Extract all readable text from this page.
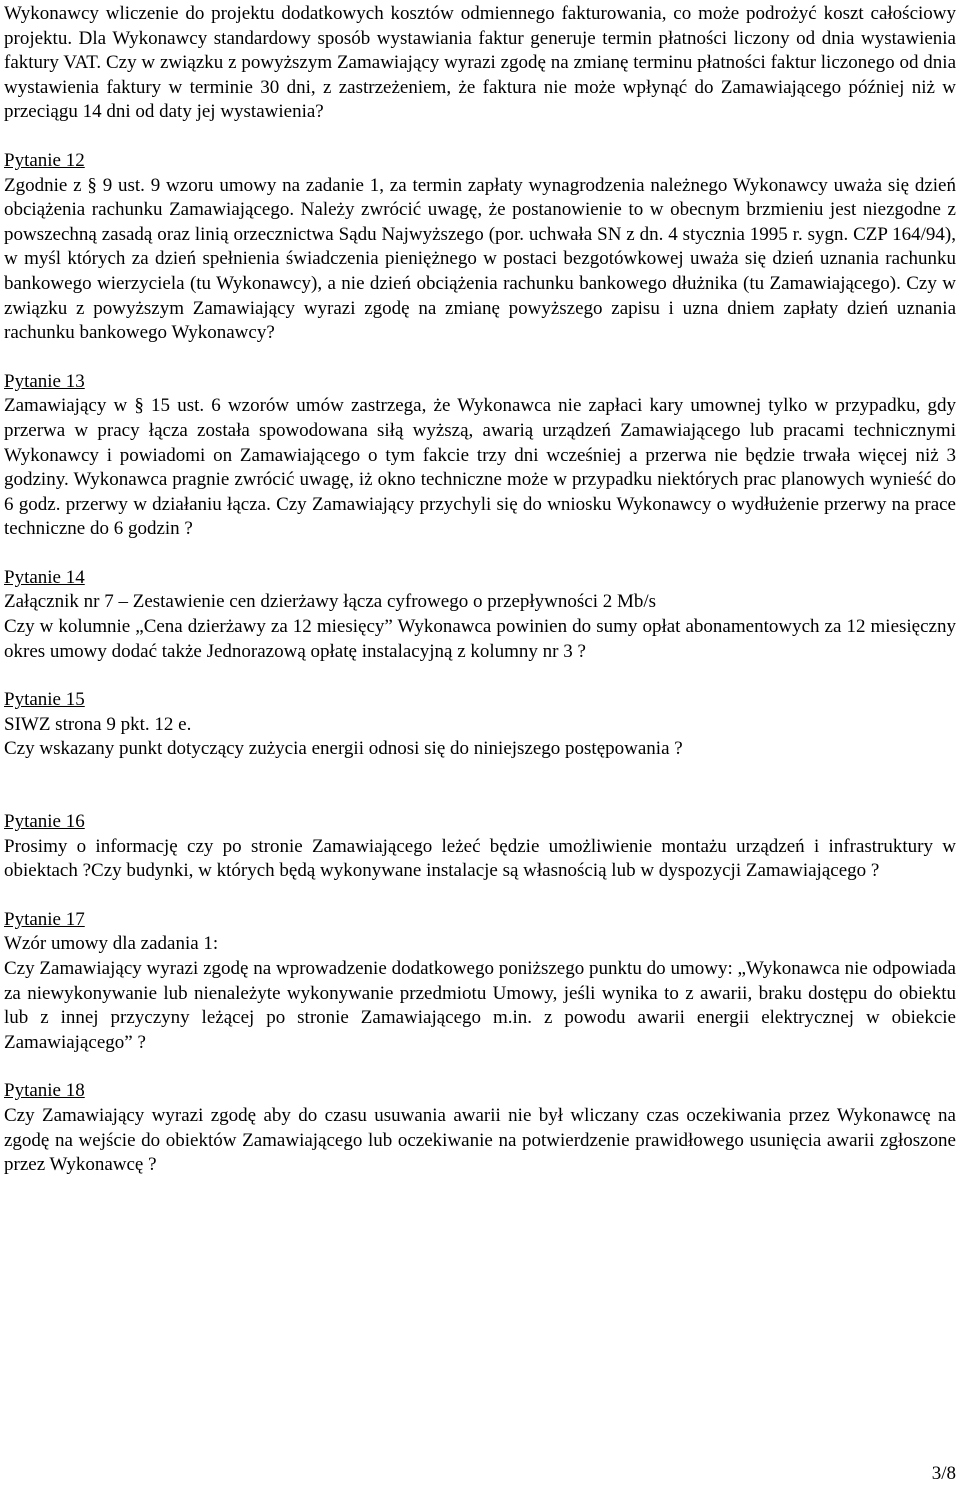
Wykonawcy wliczenie do projektu dodatkowych kosztów odmiennego fakturowania, co może podrożyć koszt całościowy projektu. Dla Wykonawcy standardowy sposób wystawiania faktur generuje termin płatności liczony od dnia wystawienia faktury VAT. Czy w związku z powyższym Zamawiający wyrazi zgodę na zmianę terminu płatności faktur liczonego od dnia wystawienia faktury w terminie 30 dni, z zastrzeżeniem, że faktura nie może wpłynąć do Zamawiającego później niż w przeciągu 14 dni od daty jej wystawienia?

Pytanie 12

Zgodnie z § 9 ust. 9 wzoru umowy na zadanie 1, za termin zapłaty wynagrodzenia należnego Wykonawcy uważa się dzień obciążenia rachunku Zamawiającego. Należy zwrócić uwagę, że postanowienie to w obecnym brzmieniu jest niezgodne z powszechną zasadą oraz linią orzecznictwa Sądu Najwyższego (por. uchwała SN z dn. 4 stycznia 1995 r. sygn. CZP 164/94), w myśl których za dzień spełnienia świadczenia pieniężnego w postaci bezgotówkowej uważa się dzień uznania rachunku bankowego wierzyciela (tu Wykonawcy), a nie dzień obciążenia rachunku bankowego dłużnika (tu Zamawiającego). Czy w związku z powyższym Zamawiający wyrazi zgodę na zmianę powyższego zapisu i uzna dniem zapłaty dzień uznania rachunku bankowego Wykonawcy?

Pytanie 13

Zamawiający w § 15 ust. 6 wzorów umów zastrzega, że Wykonawca nie zapłaci kary umownej tylko w przypadku, gdy przerwa w pracy łącza została spowodowana siłą wyższą, awarią urządzeń Zamawiającego lub pracami technicznymi Wykonawcy i powiadomi on Zamawiającego o tym fakcie trzy dni wcześniej a przerwa nie będzie trwała więcej niż 3 godziny. Wykonawca pragnie zwrócić uwagę, iż okno techniczne może w przypadku niektórych prac planowych wynieść do 6 godz. przerwy w działaniu łącza. Czy Zamawiający przychyli się do wniosku Wykonawcy o wydłużenie przerwy na prace techniczne do 6 godzin ?

Pytanie 14

Załącznik nr 7 – Zestawienie cen dzierżawy łącza cyfrowego o przepływności 2 Mb/s

Czy w kolumnie „Cena dzierżawy za 12 miesięcy” Wykonawca powinien do sumy opłat abonamentowych za 12 miesięczny okres umowy dodać także Jednorazową opłatę instalacyjną z kolumny nr 3 ?

Pytanie 15

SIWZ strona 9 pkt. 12 e.

Czy wskazany punkt dotyczący zużycia energii odnosi się do niniejszego postępowania ?

Pytanie 16

Prosimy o informację czy po stronie Zamawiającego leżeć będzie umożliwienie montażu urządzeń i infrastruktury w obiektach ?Czy budynki, w których będą wykonywane instalacje są własnością lub w dyspozycji Zamawiającego ?

Pytanie 17

Wzór umowy dla zadania 1:

Czy Zamawiający wyrazi zgodę na wprowadzenie dodatkowego poniższego punktu do umowy: „Wykonawca nie odpowiada za niewykonywanie lub nienależyte wykonywanie przedmiotu Umowy, jeśli wynika to z awarii, braku dostępu do obiektu lub z innej przyczyny leżącej po stronie Zamawiającego m.in. z powodu awarii energii elektrycznej w obiekcie Zamawiającego” ?

Pytanie 18

Czy Zamawiający wyrazi zgodę aby do czasu usuwania awarii nie był wliczany czas oczekiwania przez Wykonawcę na zgodę na wejście do obiektów Zamawiającego lub oczekiwanie na potwierdzenie prawidłowego usunięcia awarii zgłoszone przez Wykonawcę ?

3/8
